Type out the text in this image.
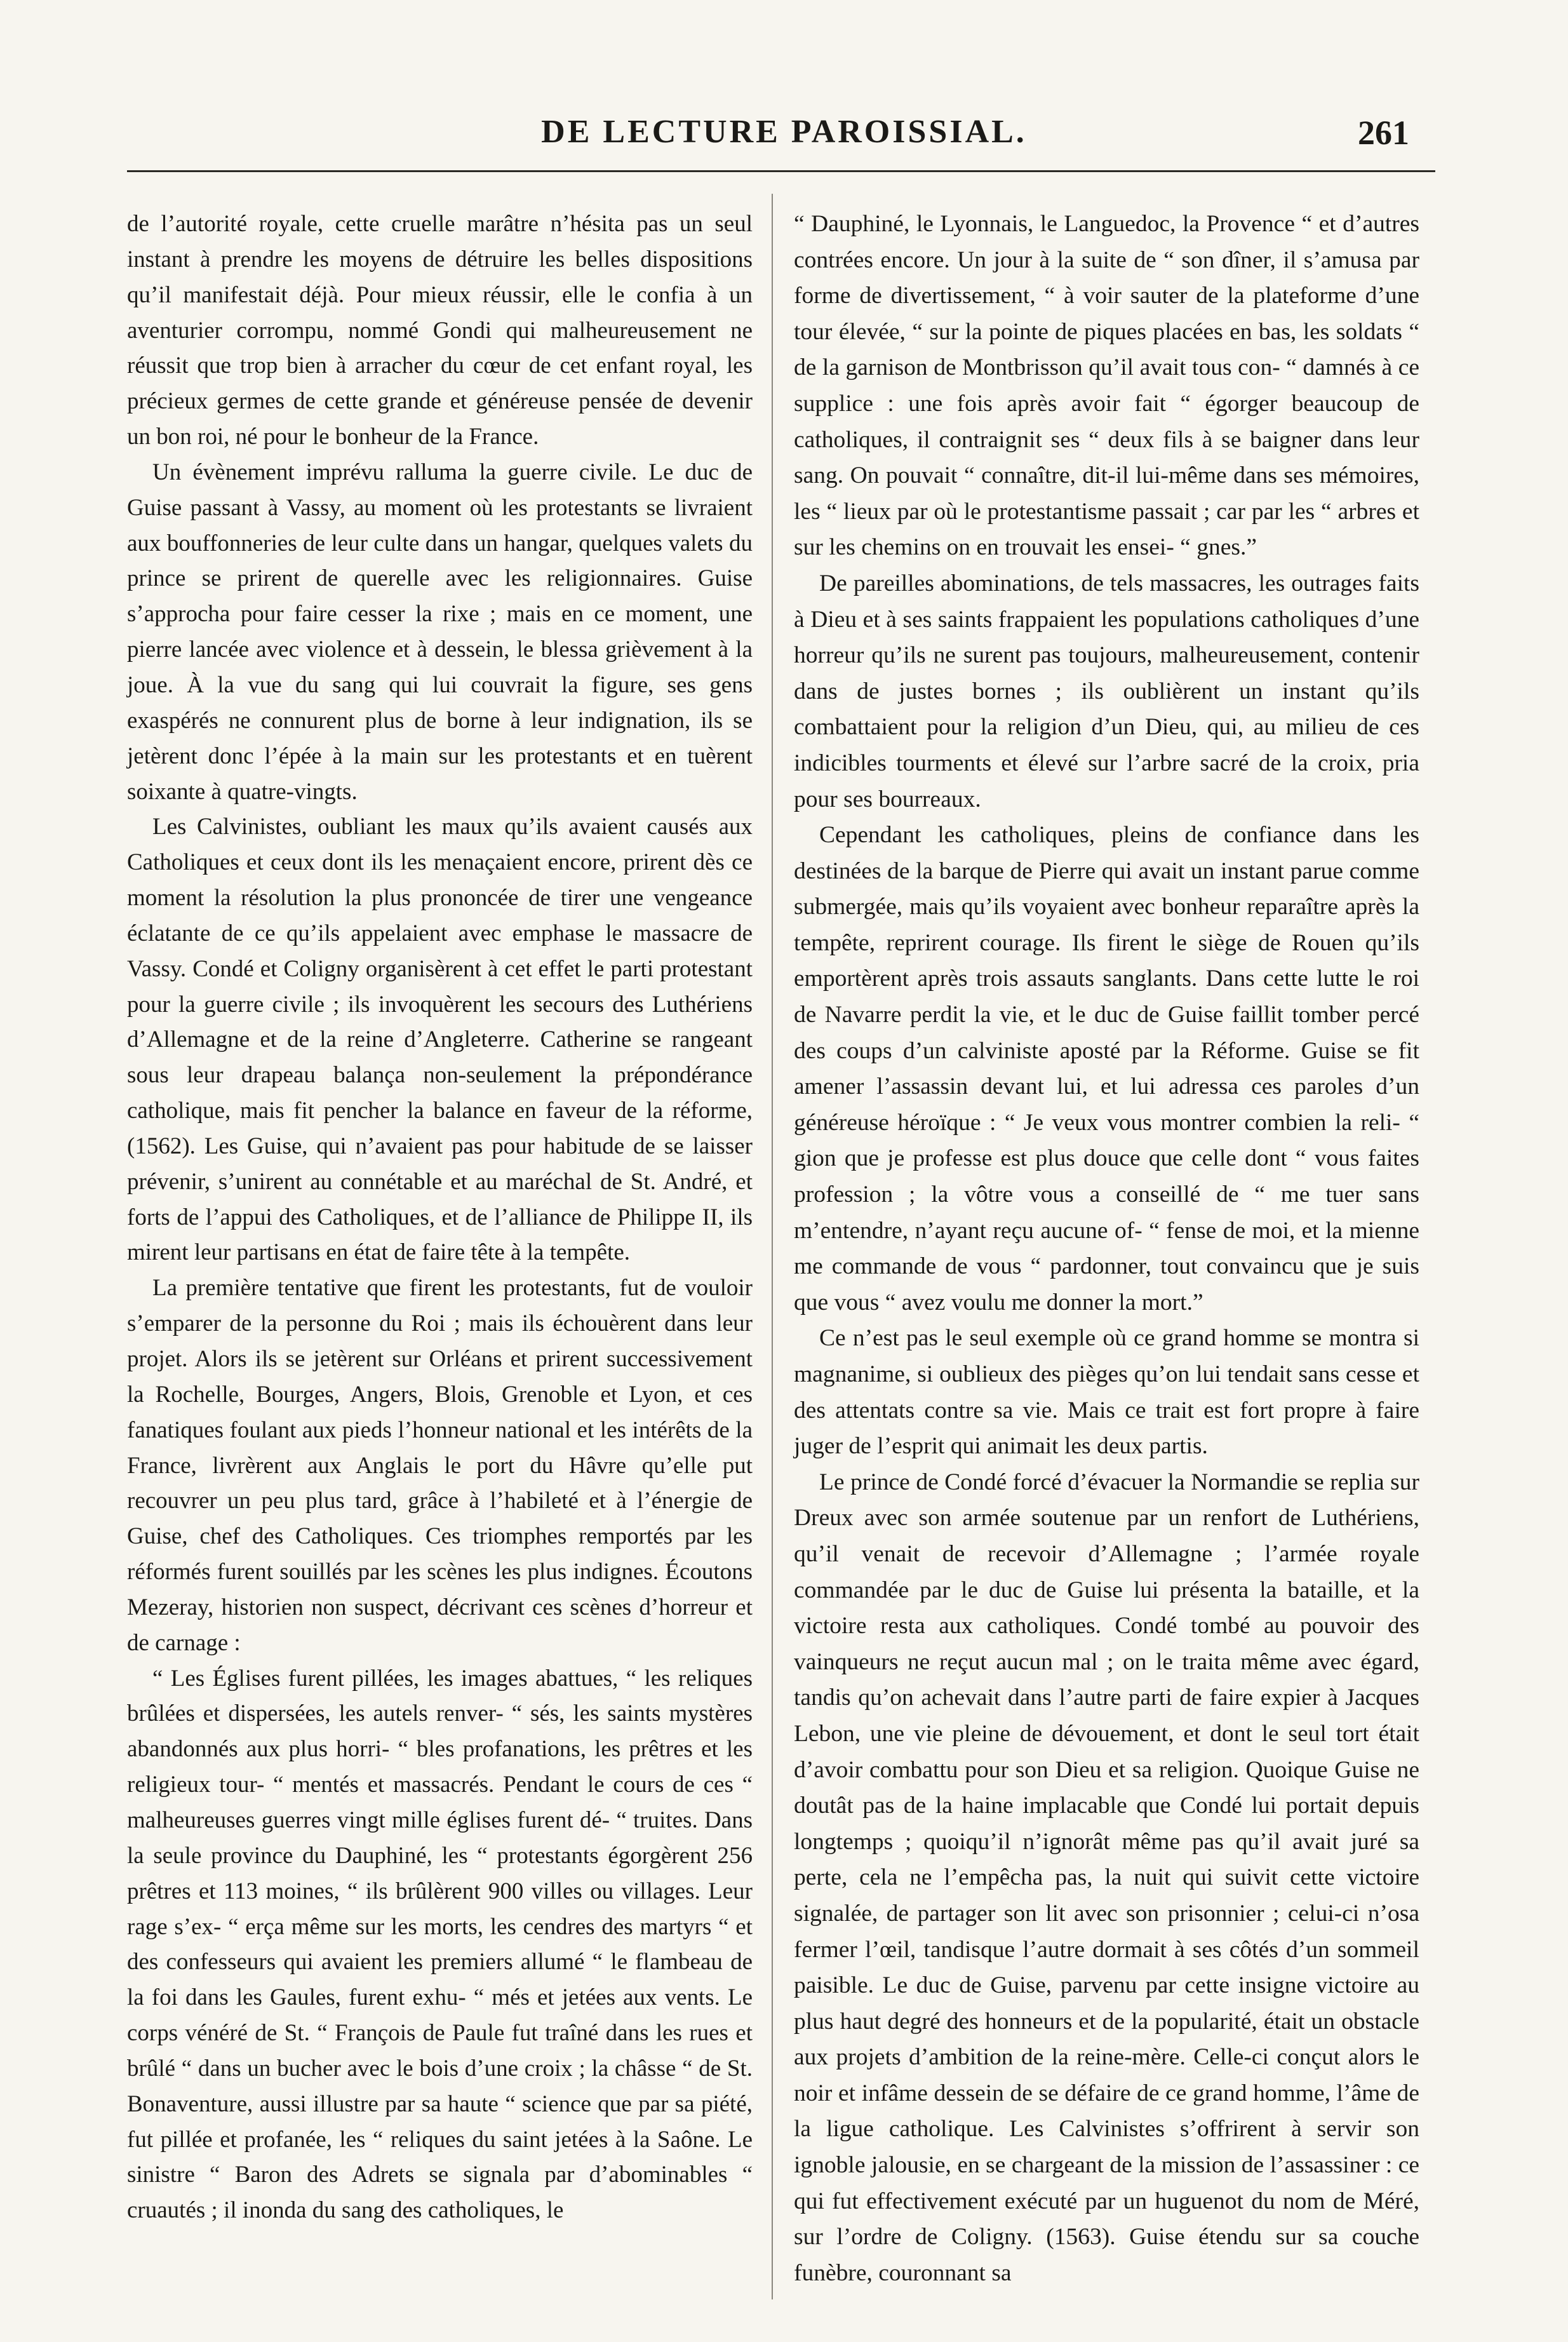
DE LECTURE PAROISSIAL.	261

de l’autorité royale, cette cruelle marâtre n’hésita pas un seul instant à prendre les moyens de détruire les belles dispositions qu’il manifestait déjà. Pour mieux réussir, elle le confia à un aventurier corrompu, nommé Gondi qui malheureusement ne réussit que trop bien à arracher du cœur de cet enfant royal, les précieux germes de cette grande et généreuse pensée de devenir un bon roi, né pour le bonheur de la France.

Un évènement imprévu ralluma la guerre civile. Le duc de Guise passant à Vassy, au moment où les protestants se livraient aux bouffonneries de leur culte dans un hangar, quelques valets du prince se prirent de querelle avec les religionnaires. Guise s’approcha pour faire cesser la rixe ; mais en ce moment, une pierre lancée avec violence et à dessein, le blessa grièvement à la joue. À la vue du sang qui lui couvrait la figure, ses gens exaspérés ne connurent plus de borne à leur indignation, ils se jetèrent donc l’épée à la main sur les protestants et en tuèrent soixante à quatre-vingts.

Les Calvinistes, oubliant les maux qu’ils avaient causés aux Catholiques et ceux dont ils les menaçaient encore, prirent dès ce moment la résolution la plus prononcée de tirer une vengeance éclatante de ce qu’ils appelaient avec emphase le massacre de Vassy. Condé et Coligny organisèrent à cet effet le parti protestant pour la guerre civile ; ils invoquèrent les secours des Luthériens d’Allemagne et de la reine d’Angleterre. Catherine se rangeant sous leur drapeau balança non-seulement la prépondérance catholique, mais fit pencher la balance en faveur de la réforme, (1562). Les Guise, qui n’avaient pas pour habitude de se laisser prévenir, s’unirent au connétable et au maréchal de St. André, et forts de l’appui des Catholiques, et de l’alliance de Philippe II, ils mirent leur partisans en état de faire tête à la tempête.

La première tentative que firent les protestants, fut de vouloir s’emparer de la personne du Roi ; mais ils échouèrent dans leur projet. Alors ils se jetèrent sur Orléans et prirent successivement la Rochelle, Bourges, Angers, Blois, Grenoble et Lyon, et ces fanatiques foulant aux pieds l’honneur national et les intérêts de la France, livrèrent aux Anglais le port du Hâvre qu’elle put recouvrer un peu plus tard, grâce à l’habileté et à l’énergie de Guise, chef des Catholiques. Ces triomphes remportés par les réformés furent souillés par les scènes les plus indignes. Écoutons Mezeray, historien non suspect, décrivant ces scènes d’horreur et de carnage :

“ Les Églises furent pillées, les images abattues, “ les reliques brûlées et dispersées, les autels renver- “ sés, les saints mystères abandonnés aux plus horri- “ bles profanations, les prêtres et les religieux tour- “ mentés et massacrés. Pendant le cours de ces “ malheureuses guerres vingt mille églises furent dé- “ truites. Dans la seule province du Dauphiné, les “ protestants égorgèrent 256 prêtres et 113 moines, “ ils brûlèrent 900 villes ou villages. Leur rage s’ex- “ erça même sur les morts, les cendres des martyrs “ et des confesseurs qui avaient les premiers allumé “ le flambeau de la foi dans les Gaules, furent exhu- “ més et jetées aux vents. Le corps vénéré de St. “ François de Paule fut traîné dans les rues et brûlé “ dans un bucher avec le bois d’une croix ; la châsse “ de St. Bonaventure, aussi illustre par sa haute “ science que par sa piété, fut pillée et profanée, les “ reliques du saint jetées à la Saône. Le sinistre “ Baron des Adrets se signala par d’abominables “ cruautés ; il inonda du sang des catholiques, le

“ Dauphiné, le Lyonnais, le Languedoc, la Provence “ et d’autres contrées encore. Un jour à la suite de “ son dîner, il s’amusa par forme de divertissement, “ à voir sauter de la plateforme d’une tour élevée, “ sur la pointe de piques placées en bas, les soldats “ de la garnison de Montbrisson qu’il avait tous con- “ damnés à ce supplice : une fois après avoir fait “ égorger beaucoup de catholiques, il contraignit ses “ deux fils à se baigner dans leur sang. On pouvait “ connaître, dit-il lui-même dans ses mémoires, les “ lieux par où le protestantisme passait ; car par les “ arbres et sur les chemins on en trouvait les ensei- “ gnes.”

De pareilles abominations, de tels massacres, les outrages faits à Dieu et à ses saints frappaient les populations catholiques d’une horreur qu’ils ne surent pas toujours, malheureusement, contenir dans de justes bornes ; ils oublièrent un instant qu’ils combattaient pour la religion d’un Dieu, qui, au milieu de ces indicibles tourments et élevé sur l’arbre sacré de la croix, pria pour ses bourreaux.

Cependant les catholiques, pleins de confiance dans les destinées de la barque de Pierre qui avait un instant parue comme submergée, mais qu’ils voyaient avec bonheur reparaître après la tempête, reprirent courage. Ils firent le siège de Rouen qu’ils emportèrent après trois assauts sanglants. Dans cette lutte le roi de Navarre perdit la vie, et le duc de Guise faillit tomber percé des coups d’un calviniste aposté par la Réforme. Guise se fit amener l’assassin devant lui, et lui adressa ces paroles d’un généreuse héroïque : “ Je veux vous montrer combien la reli- “ gion que je professe est plus douce que celle dont “ vous faites profession ; la vôtre vous a conseillé de “ me tuer sans m’entendre, n’ayant reçu aucune of- “ fense de moi, et la mienne me commande de vous “ pardonner, tout convaincu que je suis que vous “ avez voulu me donner la mort.”

Ce n’est pas le seul exemple où ce grand homme se montra si magnanime, si oublieux des pièges qu’on lui tendait sans cesse et des attentats contre sa vie. Mais ce trait est fort propre à faire juger de l’esprit qui animait les deux partis.

Le prince de Condé forcé d’évacuer la Normandie se replia sur Dreux avec son armée soutenue par un renfort de Luthériens, qu’il venait de recevoir d’Allemagne ; l’armée royale commandée par le duc de Guise lui présenta la bataille, et la victoire resta aux catholiques. Condé tombé au pouvoir des vainqueurs ne reçut aucun mal ; on le traita même avec égard, tandis qu’on achevait dans l’autre parti de faire expier à Jacques Lebon, une vie pleine de dévouement, et dont le seul tort était d’avoir combattu pour son Dieu et sa religion. Quoique Guise ne doutât pas de la haine implacable que Condé lui portait depuis longtemps ; quoiqu’il n’ignorât même pas qu’il avait juré sa perte, cela ne l’empêcha pas, la nuit qui suivit cette victoire signalée, de partager son lit avec son prisonnier ; celui-ci n’osa fermer l’œil, tandisque l’autre dormait à ses côtés d’un sommeil paisible. Le duc de Guise, parvenu par cette insigne victoire au plus haut degré des honneurs et de la popularité, était un obstacle aux projets d’ambition de la reine-mère. Celle-ci conçut alors le noir et infâme dessein de se défaire de ce grand homme, l’âme de la ligue catholique. Les Calvinistes s’offrirent à servir son ignoble jalousie, en se chargeant de la mission de l’assassiner : ce qui fut effectivement exécuté par un huguenot du nom de Méré, sur l’ordre de Coligny. (1563). Guise étendu sur sa couche funèbre, couronnant sa
